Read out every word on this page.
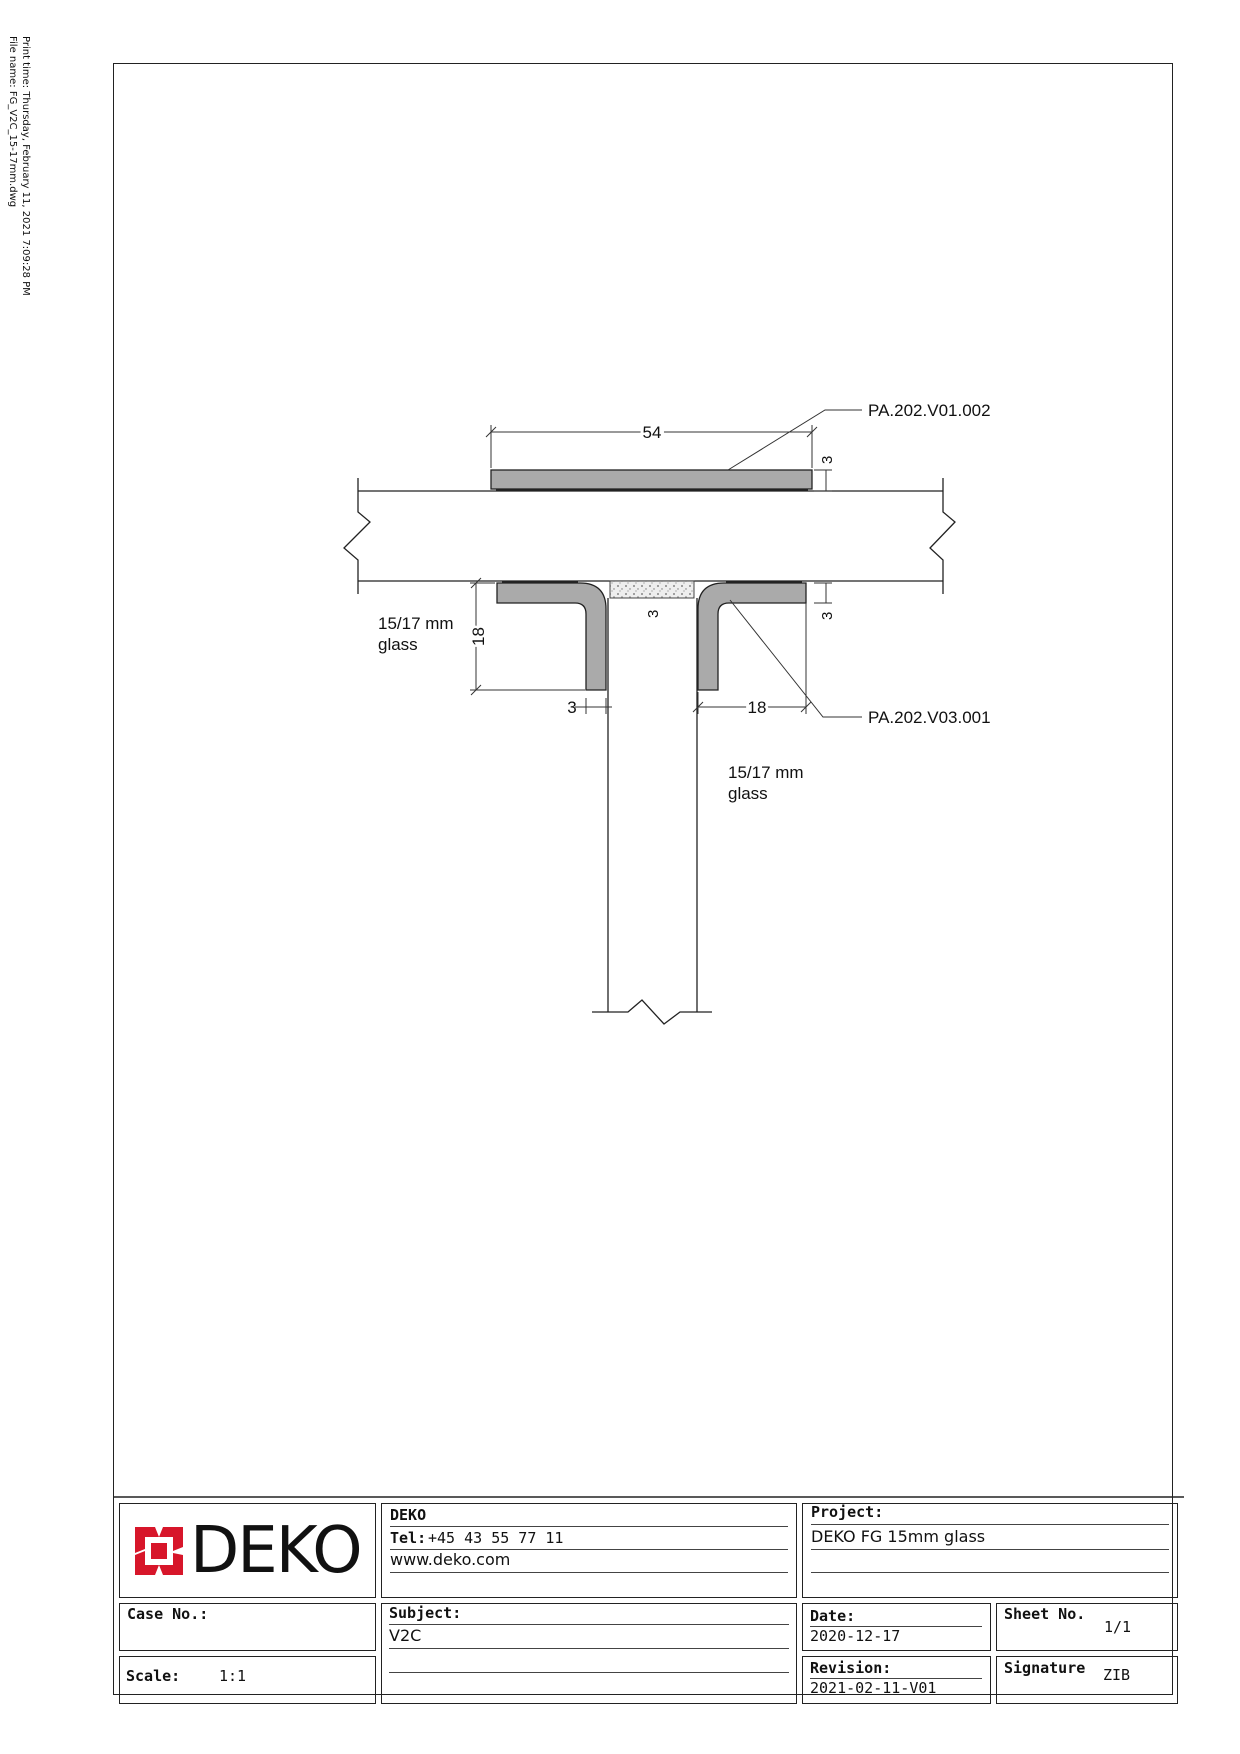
Print time: Thursday, February 11, 2021 7:09:28 PM
File name: FG_V2C_15-17mm.dwg
54
3
18
3
3	3
18
PA.202.V01.002
PA.202.V03.001
15/17 mm
glass
15/17 mm
glass
DEKO DEKO
Tel: +45 43 55 77 11
www.deko.com
Project:
DEKO FG 15mm glass
Case No.:
Scale:	1:1
Subject:
V2C
Date:
2020-12-17
Sheet No.
1/1
Revision:
2021-02-11-V01
Signature ZIB
